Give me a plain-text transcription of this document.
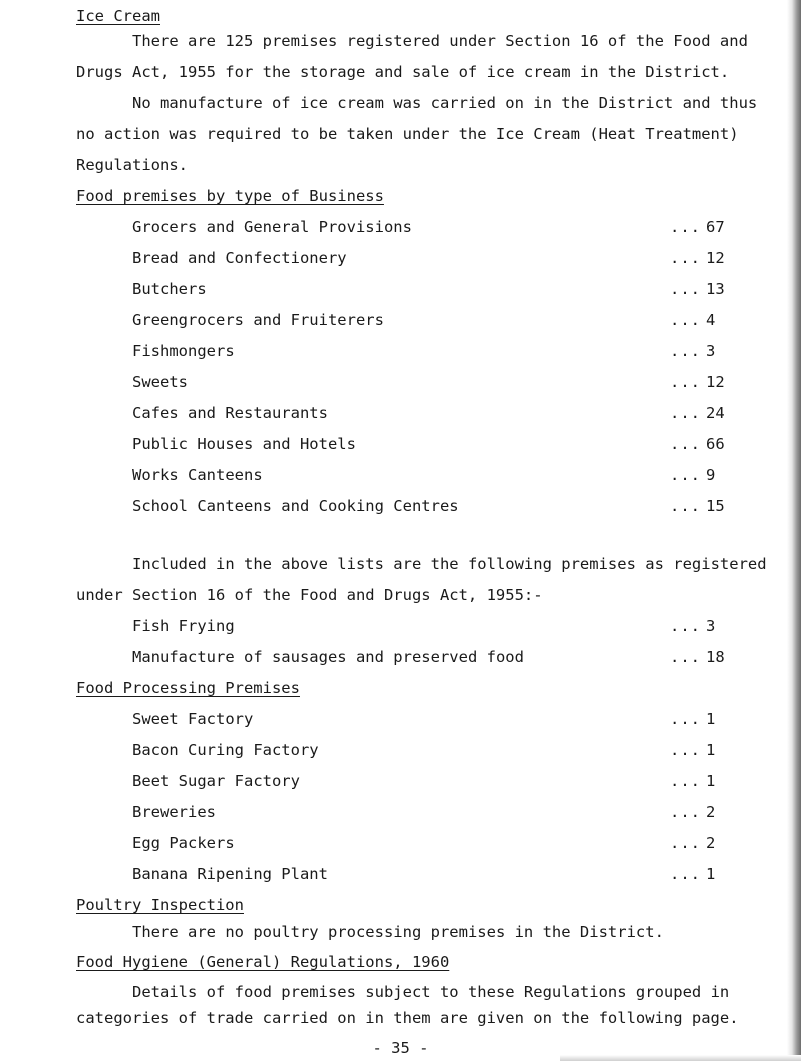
Ice Cream
There are 125 premises registered under Section 16 of the Food and
Drugs Act, 1955 for the storage and sale of ice cream in the District.
No manufacture of ice cream was carried on in the District and thus
no action was required to be taken under the Ice Cream (Heat Treatment)
Regulations.
Food premises by type of Business
Grocers and General Provisions	... 67
Bread and Confectionery	... 12
Butchers	... 13
Greengrocers and Fruiterers	... 4
Fishmongers	... 3
Sweets	... 12
Cafes and Restaurants	... 24
Public Houses and Hotels	... 66
Works Canteens	... 9
School Canteens and Cooking Centres	... 15
Included in the above lists are the following premises as registered
under Section 16 of the Food and Drugs Act, 1955:-
Fish Frying	... 3
Manufacture of sausages and preserved food	... 18
Food Processing Premises
Sweet Factory	... 1
Bacon Curing Factory	... 1
Beet Sugar Factory	... 1
Breweries	... 2
Egg Packers	... 2
Banana Ripening Plant	... 1
Poultry Inspection
There are no poultry processing premises in the District.
Food Hygiene (General) Regulations, 1960
Details of food premises subject to these Regulations grouped in
categories of trade carried on in them are given on the following page.
- 35 -
